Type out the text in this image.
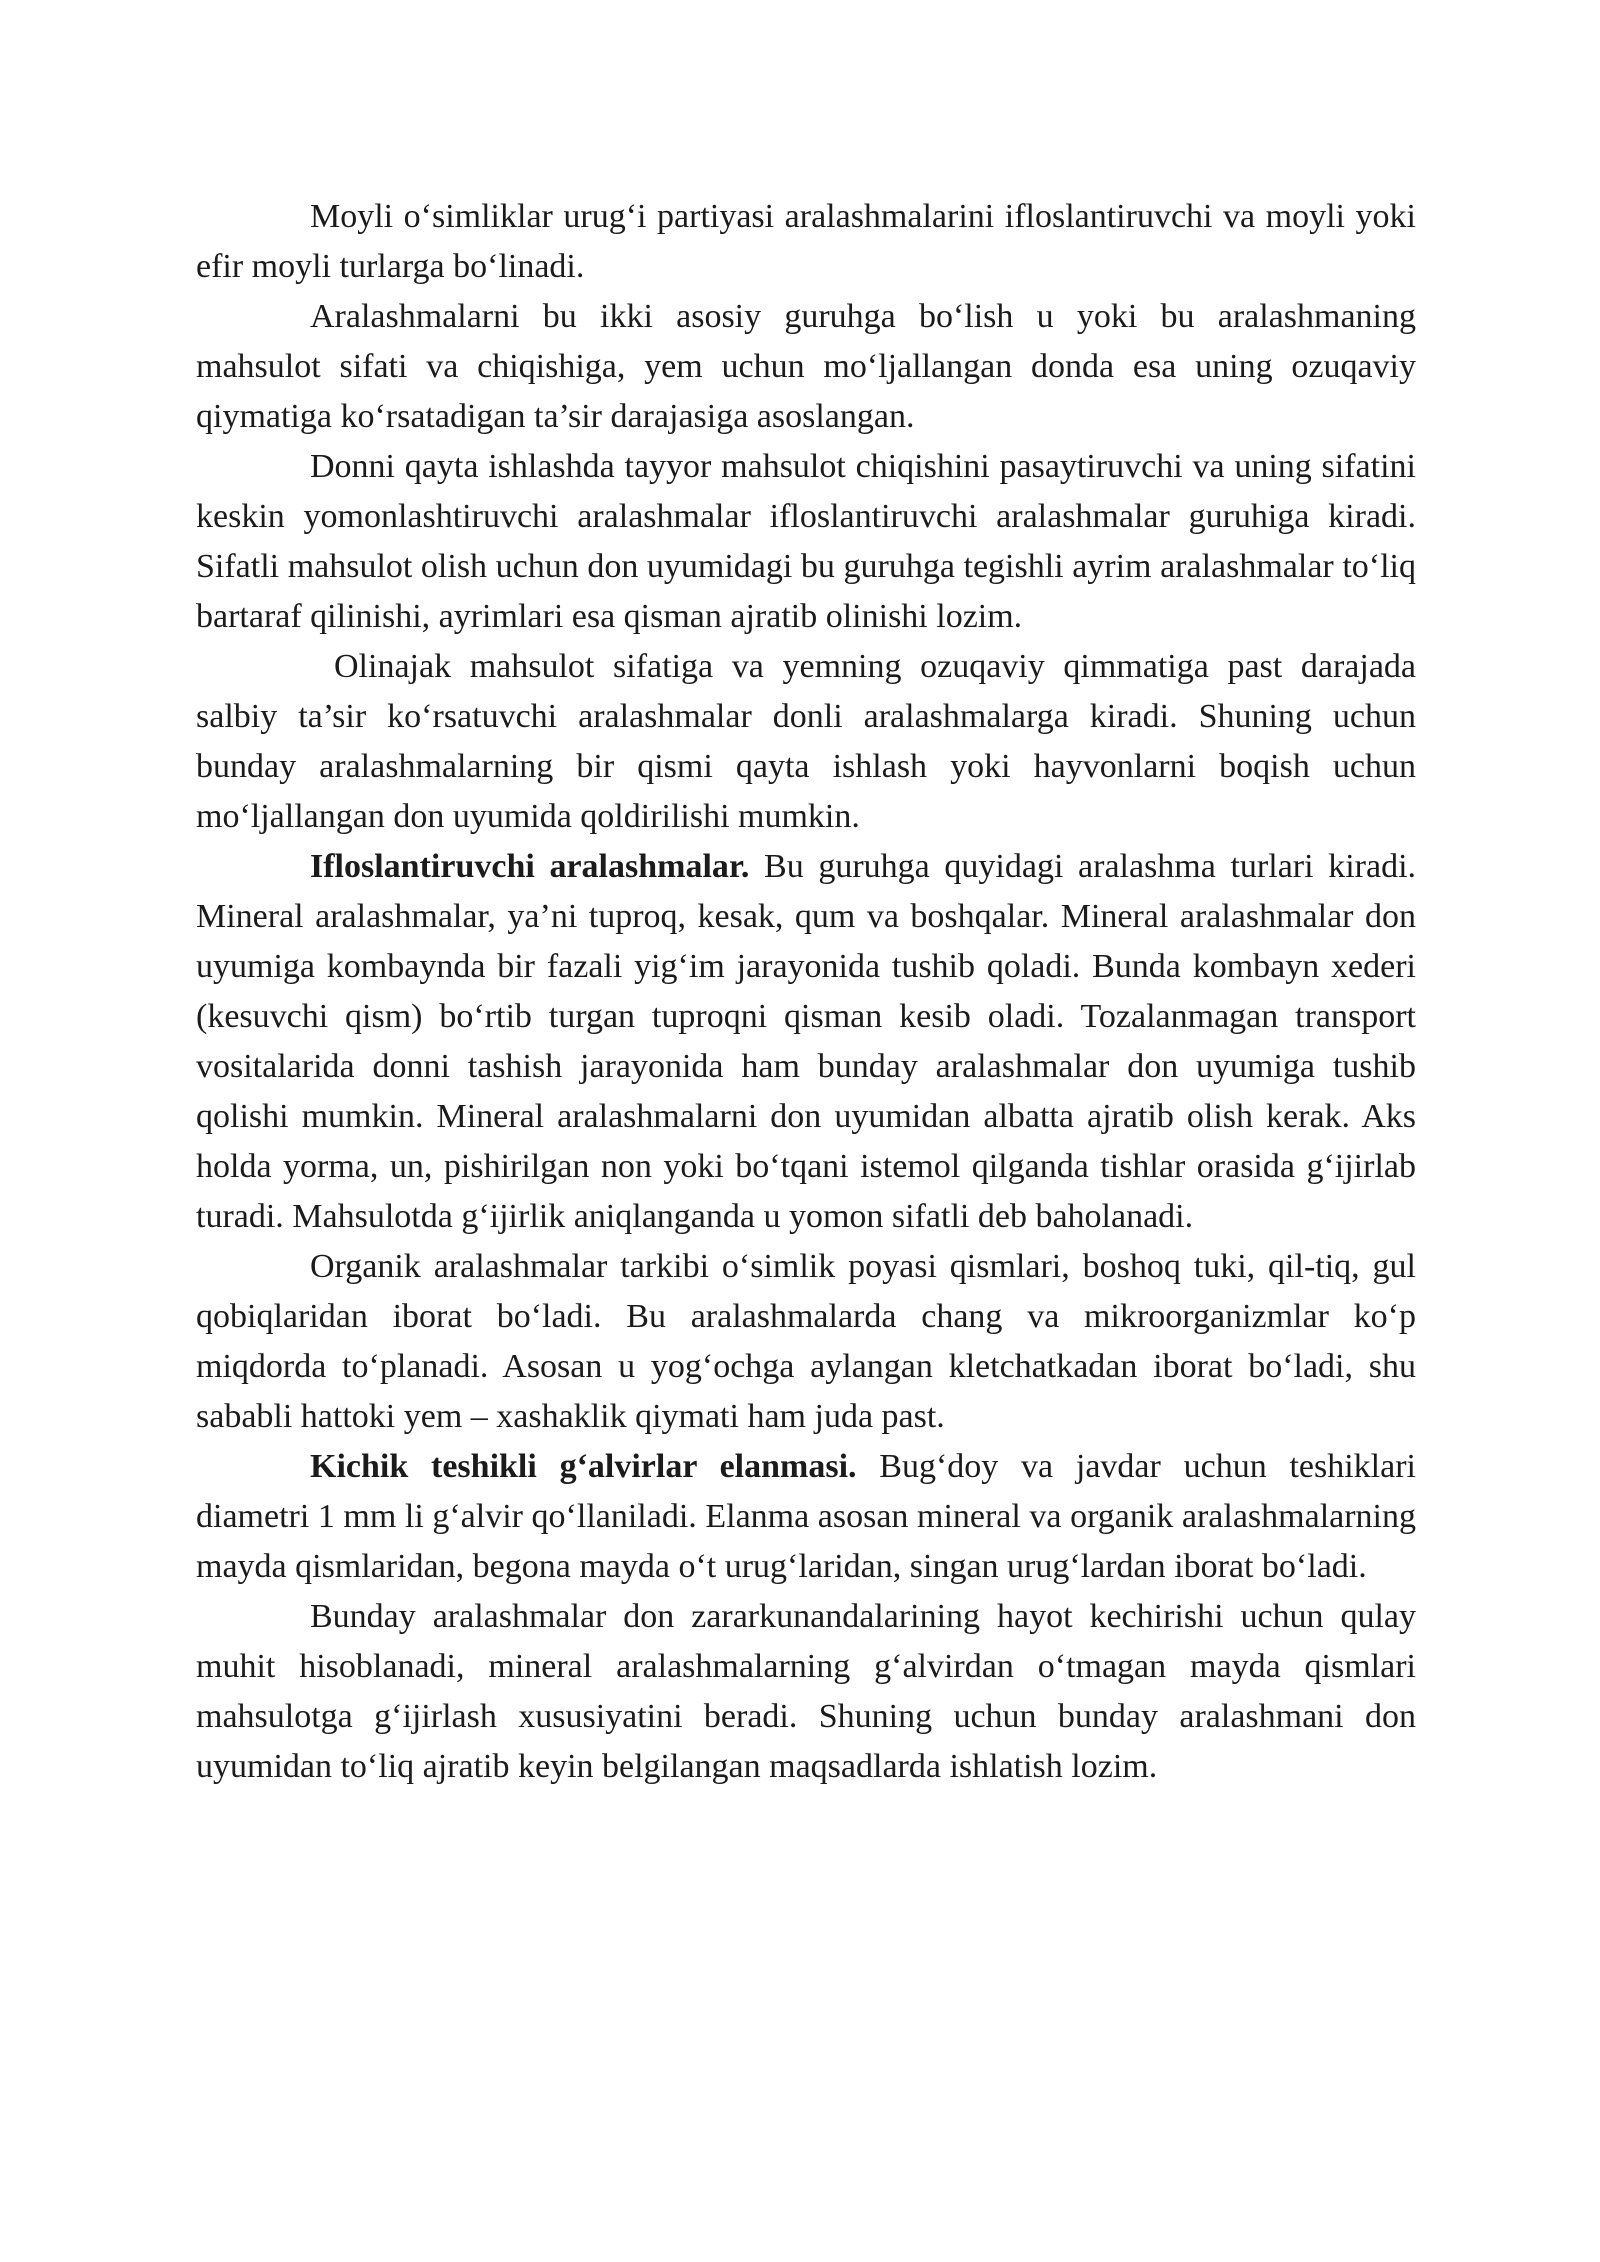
Moyli o‘simliklar urug‘i partiyasi aralashmalarini ifloslantiruvchi va moyli yoki efir moyli turlarga bo‘linadi.

Aralashmalarni bu ikki asosiy guruhga bo‘lish u yoki bu aralashmaning mahsulot sifati va chiqishiga, yem uchun mo‘ljallangan donda esa uning ozuqaviy qiymatiga ko‘rsatadigan ta’sir darajasiga asoslangan.

Donni qayta ishlashda tayyor mahsulot chiqishini pasaytiruvchi va uning sifatini keskin yomonlashtiruvchi aralashmalar ifloslantiruvchi aralashmalar guruhiga kiradi. Sifatli mahsulot olish uchun don uyumidagi bu guruhga tegishli ayrim aralashmalar to‘liq bartaraf qilinishi, ayrimlari esa qisman ajratib olinishi lozim.

Olinajak mahsulot sifatiga va yemning ozuqaviy qimmatiga past darajada salbiy ta’sir ko‘rsatuvchi aralashmalar donli aralashmalarga kiradi. Shuning uchun bunday aralashmalarning bir qismi qayta ishlash yoki hayvonlarni boqish uchun mo‘ljallangan don uyumida qoldirilishi mumkin.

Ifloslantiruvchi aralashmalar. Bu guruhga quyidagi aralashma turlari kiradi. Mineral aralashmalar, ya’ni tuproq, kesak, qum va boshqalar. Mineral aralashmalar don uyumiga kombaynda bir fazali yig‘im jarayonida tushib qoladi. Bunda kombayn xederi (kesuvchi qism) bo‘rtib turgan tuproqni qisman kesib oladi. Tozalanmagan transport vositalarida donni tashish jarayonida ham bunday aralashmalar don uyumiga tushib qolishi mumkin. Mineral aralashmalarni don uyumidan albatta ajratib olish kerak. Aks holda yorma, un, pishirilgan non yoki bo‘tqani istemol qilganda tishlar orasida g‘ijirlab turadi. Mahsulotda g‘ijirlik aniqlanganda u yomon sifatli deb baholanadi.

Organik aralashmalar tarkibi o‘simlik poyasi qismlari, boshoq tuki, qil-tiq, gul qobiqlaridan iborat bo‘ladi. Bu aralashmalarda chang va mikroorganizmlar ko‘p miqdorda to‘planadi. Asosan u yog‘ochga aylangan kletchatkadan iborat bo‘ladi, shu sababli hattoki yem – xashaklik qiymati ham juda past.

Kichik teshikli g‘alvirlar elanmasi. Bug‘doy va javdar uchun teshiklari diametri 1 mm li g‘alvir qo‘llaniladi. Elanma asosan mineral va organik aralashmalarning mayda qismlaridan, begona mayda o‘t urug‘laridan, singan urug‘lardan iborat bo‘ladi.

Bunday aralashmalar don zararkunandalarining hayot kechirishi uchun qulay muhit hisoblanadi, mineral aralashmalarning g‘alvirdan o‘tmagan mayda qismlari mahsulotga g‘ijirlash xususiyatini beradi. Shuning uchun bunday aralashmani don uyumidan to‘liq ajratib keyin belgilangan maqsadlarda ishlatish lozim.
